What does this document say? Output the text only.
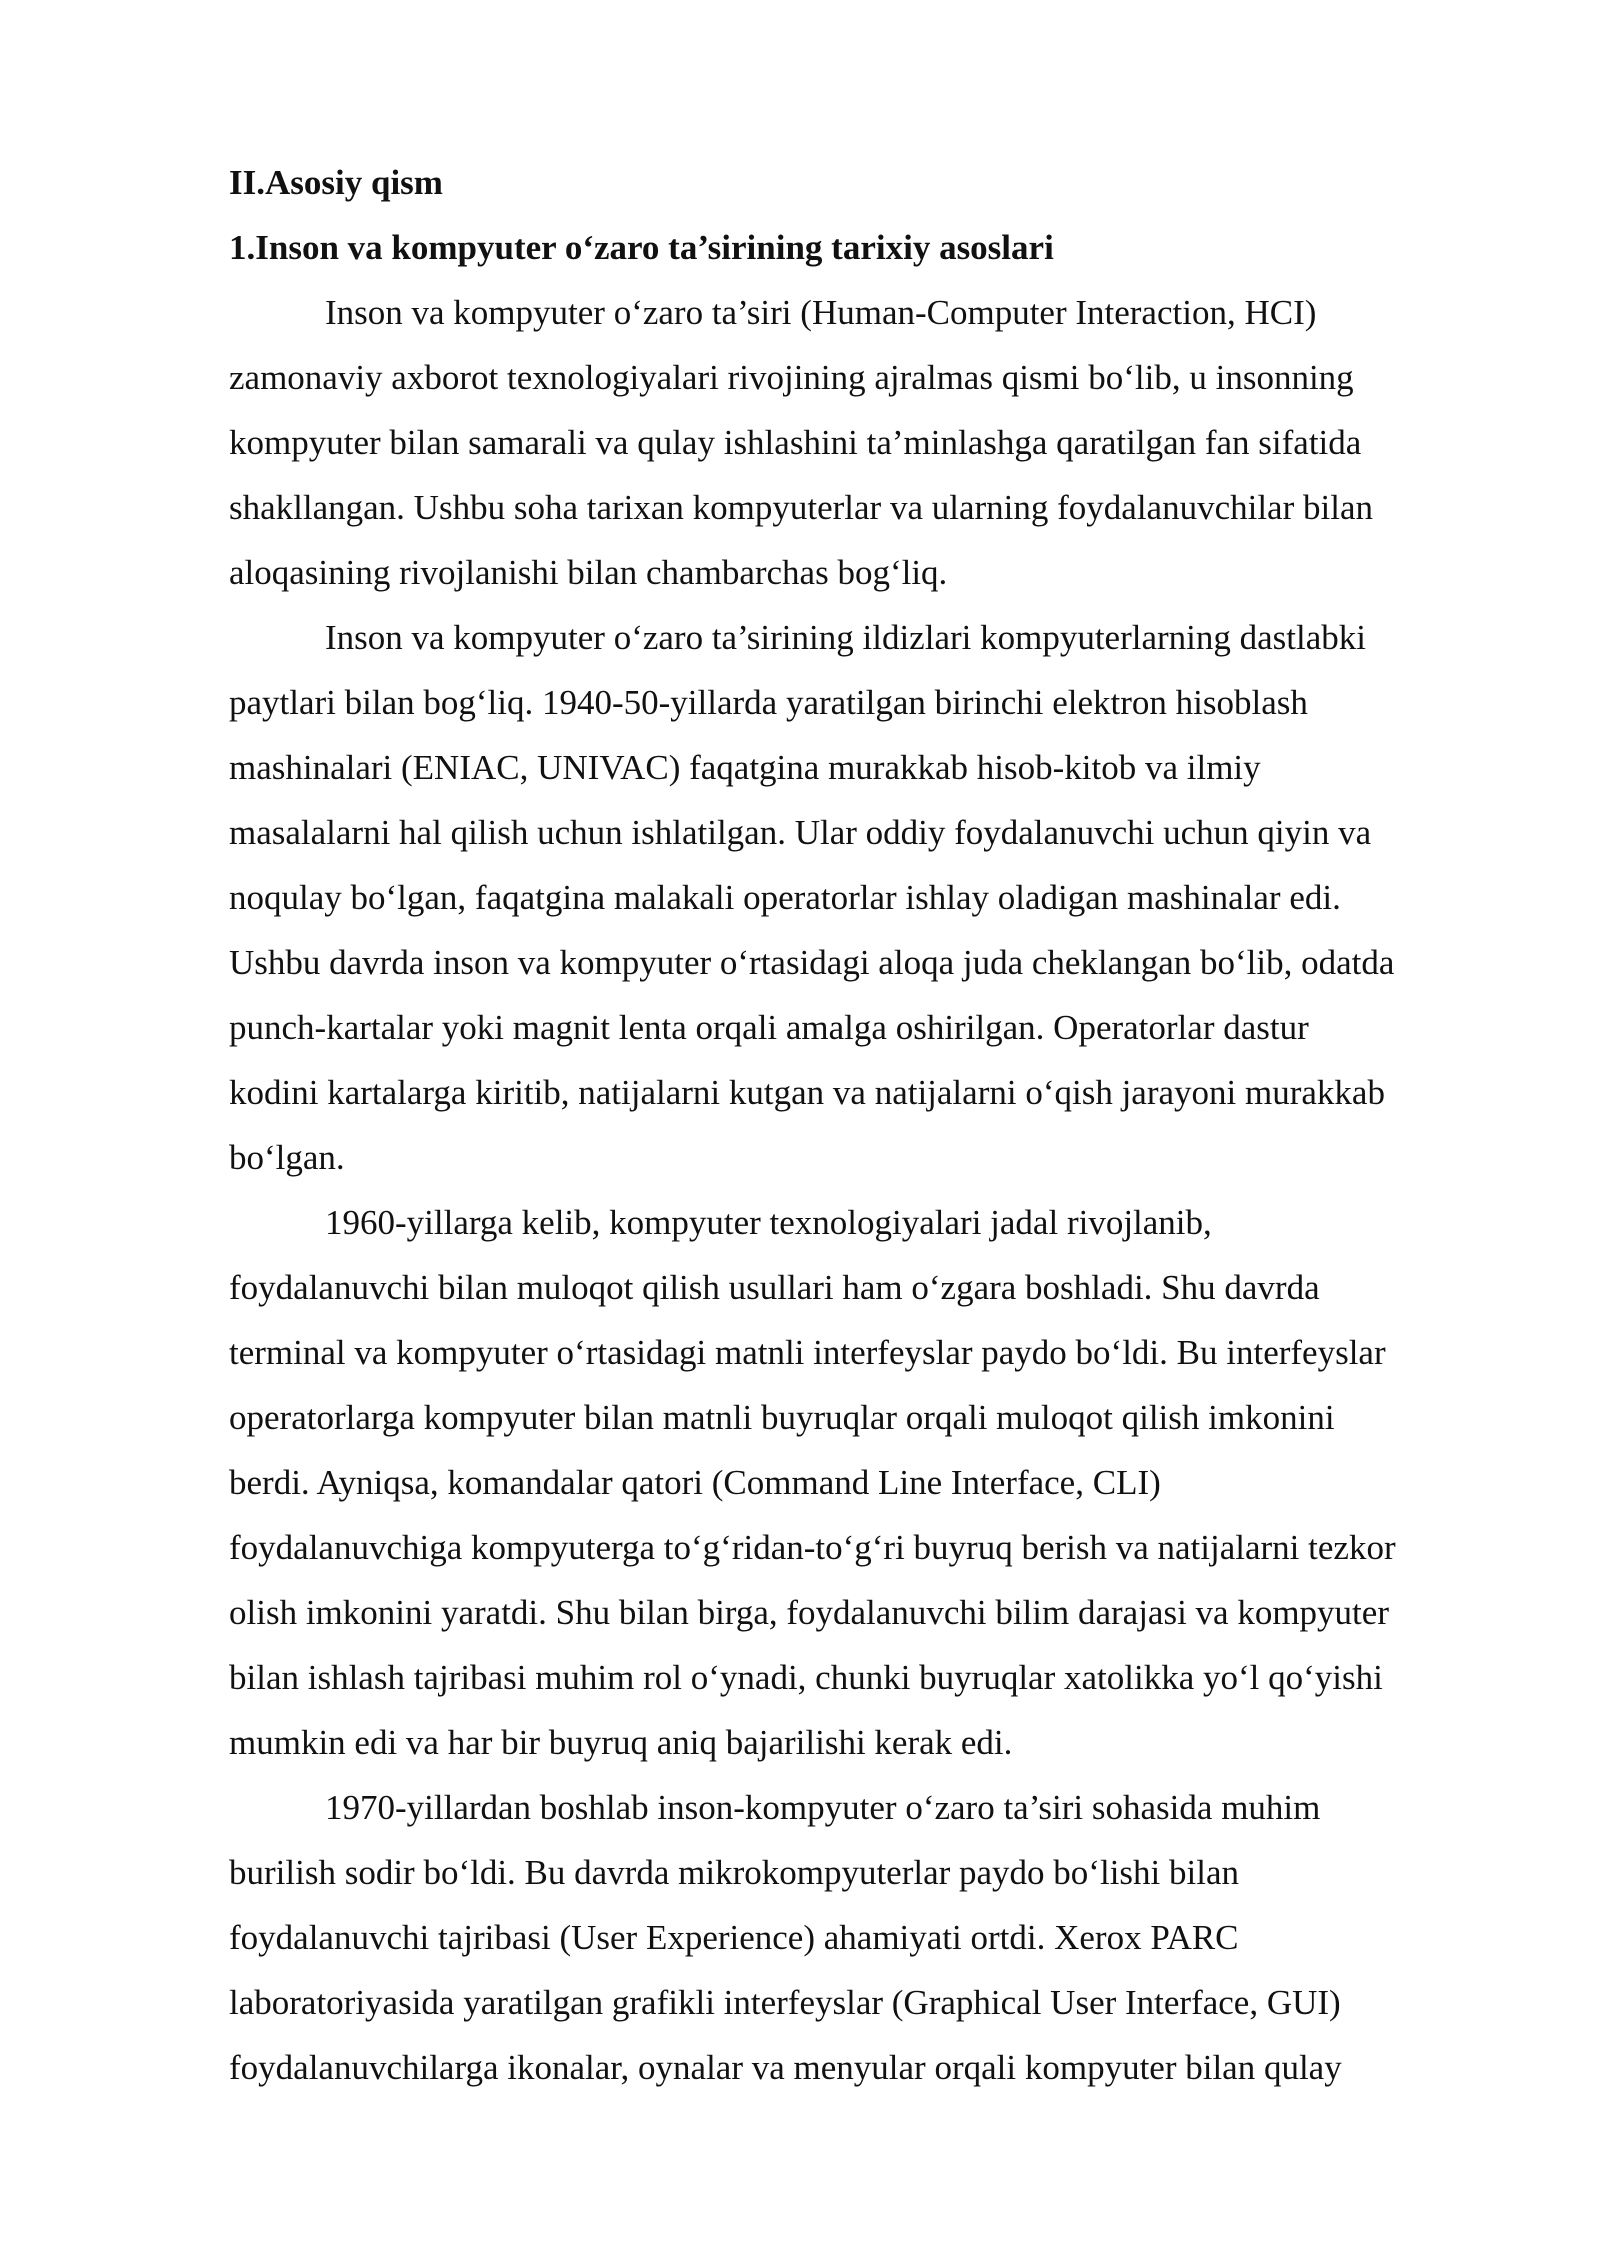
II.Asosiy qism
1.Inson va kompyuter o‘zaro ta’sirining tarixiy asoslari

Inson va kompyuter o‘zaro ta’siri (Human-Computer Interaction, HCI)
zamonaviy axborot texnologiyalari rivojining ajralmas qismi bo‘lib, u insonning
kompyuter bilan samarali va qulay ishlashini ta’minlashga qaratilgan fan sifatida
shakllangan. Ushbu soha tarixan kompyuterlar va ularning foydalanuvchilar bilan
aloqasining rivojlanishi bilan chambarchas bog‘liq.

Inson va kompyuter o‘zaro ta’sirining ildizlari kompyuterlarning dastlabki
paytlari bilan bog‘liq. 1940-50-yillarda yaratilgan birinchi elektron hisoblash
mashinalari (ENIAC, UNIVAC) faqatgina murakkab hisob-kitob va ilmiy
masalalarni hal qilish uchun ishlatilgan. Ular oddiy foydalanuvchi uchun qiyin va
noqulay bo‘lgan, faqatgina malakali operatorlar ishlay oladigan mashinalar edi.
Ushbu davrda inson va kompyuter o‘rtasidagi aloqa juda cheklangan bo‘lib, odatda
punch-kartalar yoki magnit lenta orqali amalga oshirilgan. Operatorlar dastur
kodini kartalarga kiritib, natijalarni kutgan va natijalarni o‘qish jarayoni murakkab
bo‘lgan.

1960-yillarga kelib, kompyuter texnologiyalari jadal rivojlanib,
foydalanuvchi bilan muloqot qilish usullari ham o‘zgara boshladi. Shu davrda
terminal va kompyuter o‘rtasidagi matnli interfeyslar paydo bo‘ldi. Bu interfeyslar
operatorlarga kompyuter bilan matnli buyruqlar orqali muloqot qilish imkonini
berdi. Ayniqsa, komandalar qatori (Command Line Interface, CLI)
foydalanuvchiga kompyuterga to‘g‘ridan-to‘g‘ri buyruq berish va natijalarni tezkor
olish imkonini yaratdi. Shu bilan birga, foydalanuvchi bilim darajasi va kompyuter
bilan ishlash tajribasi muhim rol o‘ynadi, chunki buyruqlar xatolikka yo‘l qo‘yishi
mumkin edi va har bir buyruq aniq bajarilishi kerak edi.

1970-yillardan boshlab inson-kompyuter o‘zaro ta’siri sohasida muhim
burilish sodir bo‘ldi. Bu davrda mikrokompyuterlar paydo bo‘lishi bilan
foydalanuvchi tajribasi (User Experience) ahamiyati ortdi. Xerox PARC
laboratoriyasida yaratilgan grafikli interfeyslar (Graphical User Interface, GUI)
foydalanuvchilarga ikonalar, oynalar va menyular orqali kompyuter bilan qulay
